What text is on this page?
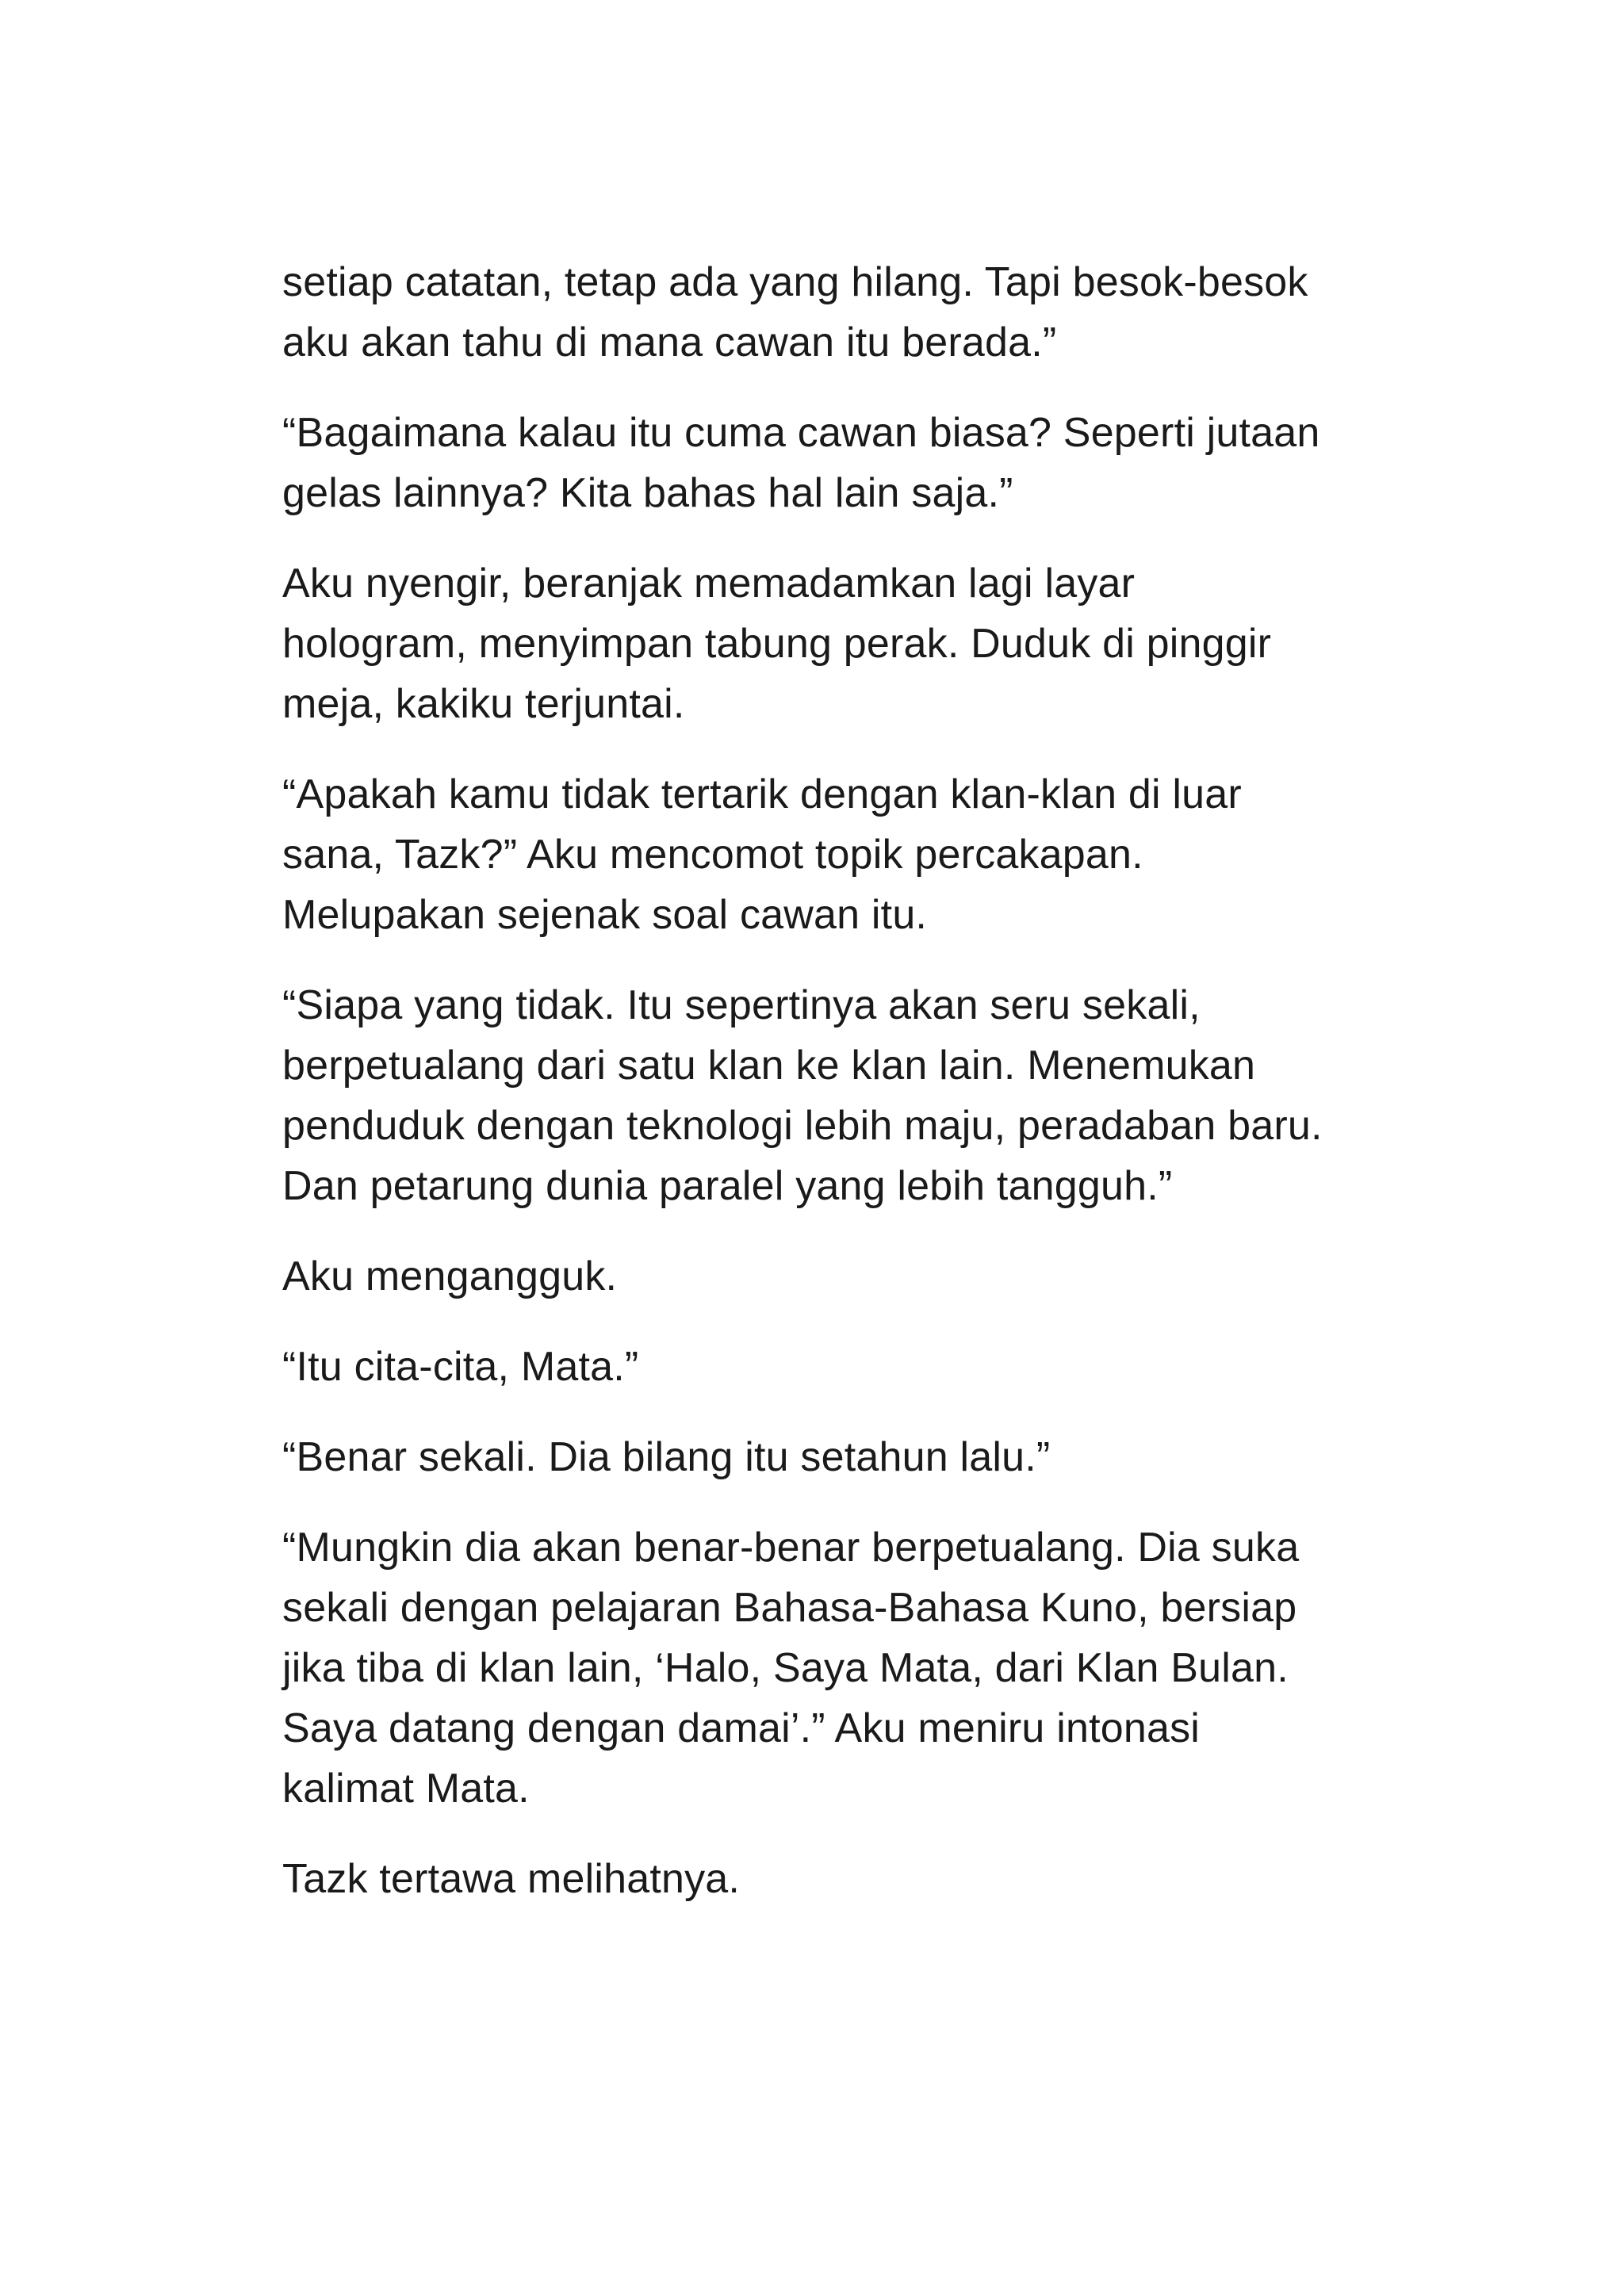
setiap catatan, tetap ada yang hilang. Tapi besok-besok
aku akan tahu di mana cawan itu berada.”

“Bagaimana kalau itu cuma cawan biasa? Seperti jutaan
gelas lainnya? Kita bahas hal lain saja.”

Aku nyengir, beranjak memadamkan lagi layar
hologram, menyimpan tabung perak. Duduk di pinggir
meja, kakiku terjuntai.

“Apakah kamu tidak tertarik dengan klan-klan di luar
sana, Tazk?” Aku mencomot topik percakapan.
Melupakan sejenak soal cawan itu.

“Siapa yang tidak. Itu sepertinya akan seru sekali,
berpetualang dari satu klan ke klan lain. Menemukan
penduduk dengan teknologi lebih maju, peradaban baru.
Dan petarung dunia paralel yang lebih tangguh.”

Aku mengangguk.

“Itu cita-cita, Mata.”

“Benar sekali. Dia bilang itu setahun lalu.”

“Mungkin dia akan benar-benar berpetualang. Dia suka
sekali dengan pelajaran Bahasa-Bahasa Kuno, bersiap
jika tiba di klan lain, ‘Halo, Saya Mata, dari Klan Bulan.
Saya datang dengan damai’.” Aku meniru intonasi
kalimat Mata.

Tazk tertawa melihatnya.
